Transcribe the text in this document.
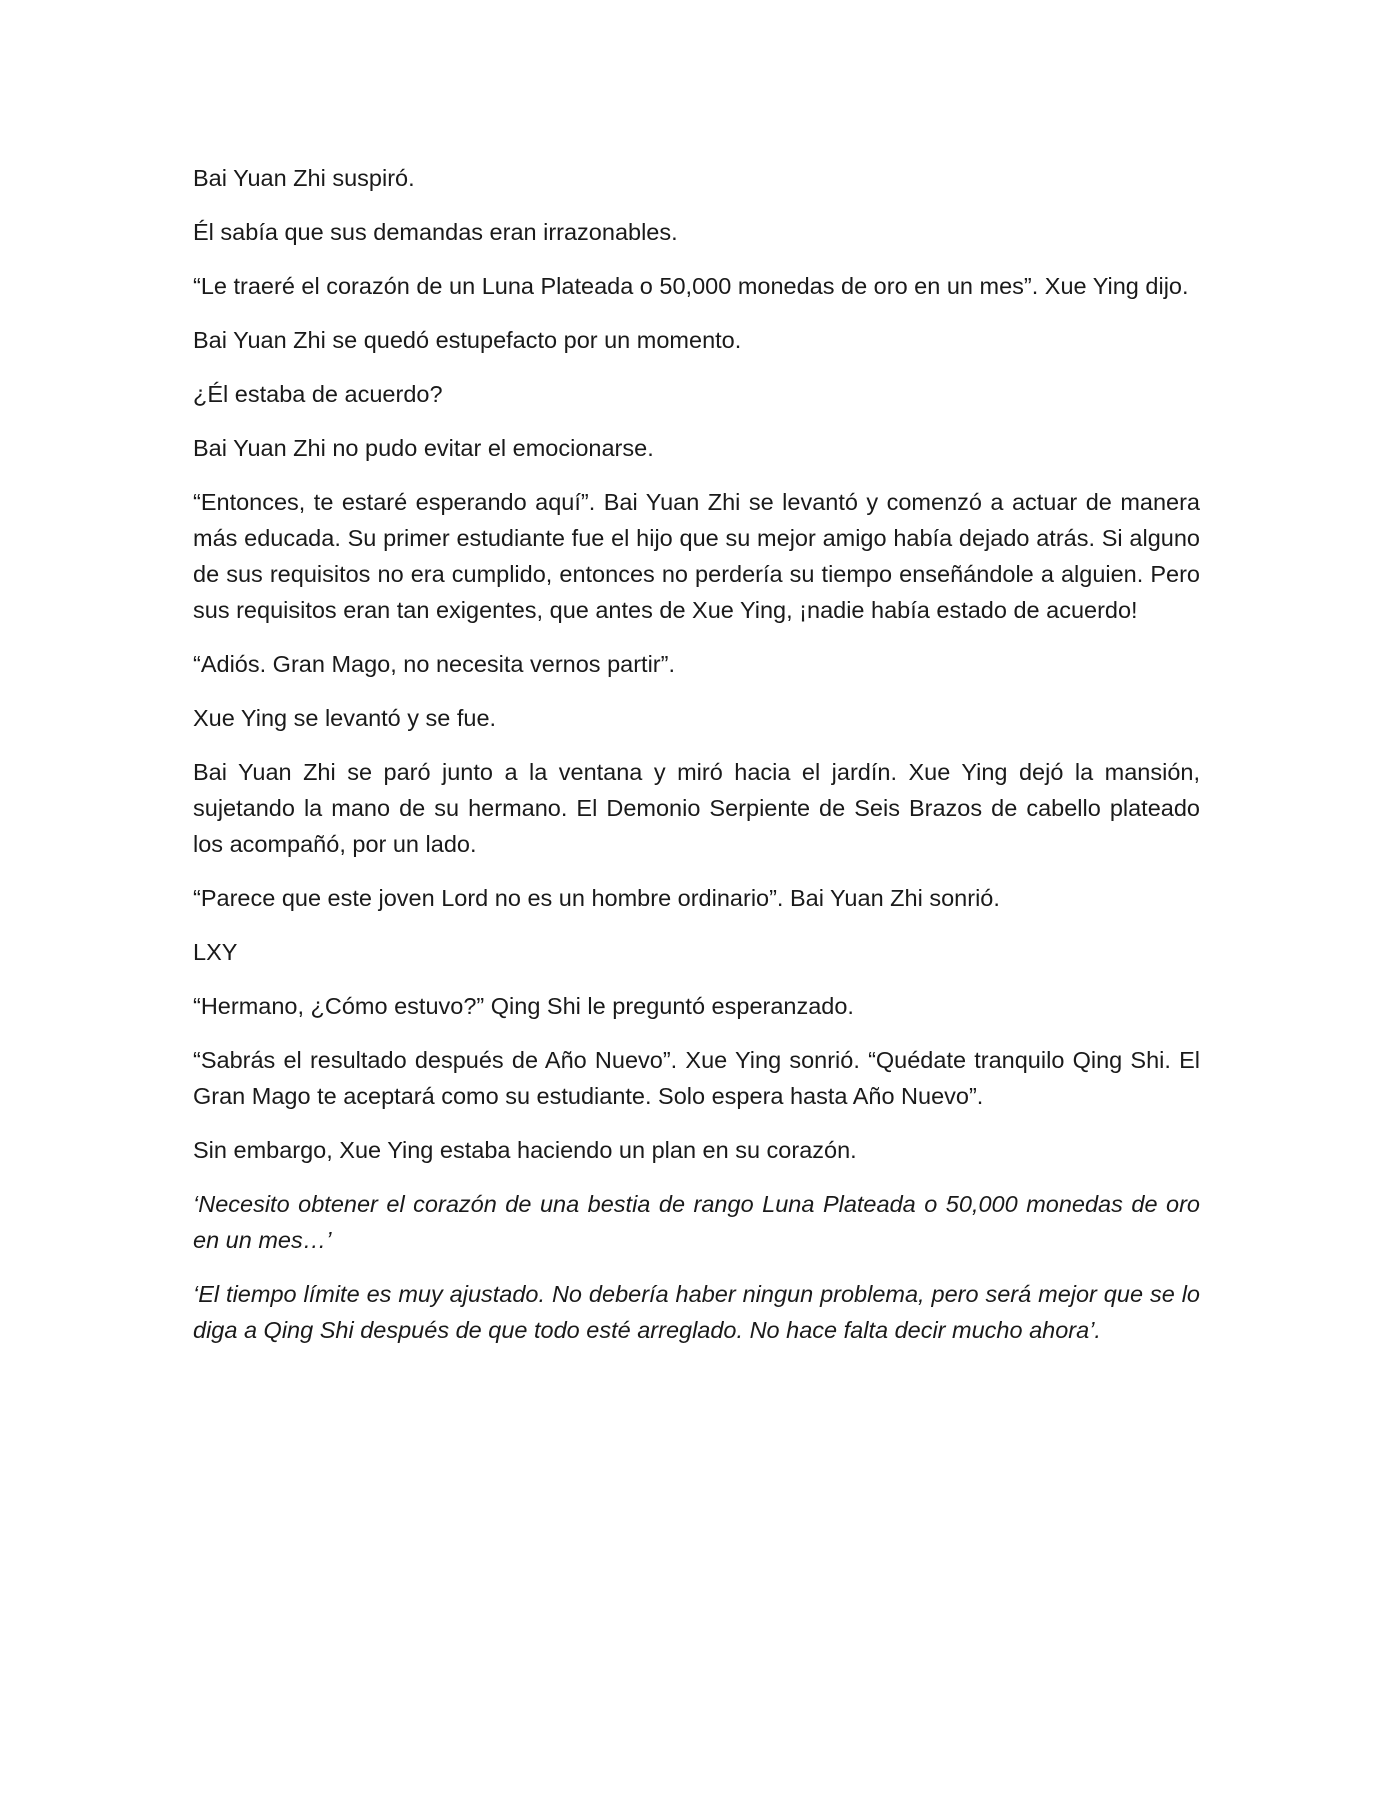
Bai Yuan Zhi suspiró.

Él sabía que sus demandas eran irrazonables.

“Le traeré el corazón de un Luna Plateada o 50,000 monedas de oro en un mes”. Xue Ying dijo.

Bai Yuan Zhi se quedó estupefacto por un momento.

¿Él estaba de acuerdo?

Bai Yuan Zhi no pudo evitar el emocionarse.

“Entonces, te estaré esperando aquí”. Bai Yuan Zhi se levantó y comenzó a actuar de manera más educada. Su primer estudiante fue el hijo que su mejor amigo había dejado atrás. Si alguno de sus requisitos no era cumplido, entonces no perdería su tiempo enseñándole a alguien. Pero sus requisitos eran tan exigentes, que antes de Xue Ying, ¡nadie había estado de acuerdo!

“Adiós. Gran Mago, no necesita vernos partir”.

Xue Ying se levantó y se fue.

Bai Yuan Zhi se paró junto a la ventana y miró hacia el jardín. Xue Ying dejó la mansión, sujetando la mano de su hermano. El Demonio Serpiente de Seis Brazos de cabello plateado los acompañó, por un lado.

“Parece que este joven Lord no es un hombre ordinario”. Bai Yuan Zhi sonrió.

LXY

“Hermano, ¿Cómo estuvo?” Qing Shi le preguntó esperanzado.

“Sabrás el resultado después de Año Nuevo”. Xue Ying sonrió. “Quédate tranquilo Qing Shi. El Gran Mago te aceptará como su estudiante. Solo espera hasta Año Nuevo”.

Sin embargo, Xue Ying estaba haciendo un plan en su corazón.

‘Necesito obtener el corazón de una bestia de rango Luna Plateada o 50,000 monedas de oro en un mes…’

‘El tiempo límite es muy ajustado. No debería haber ningun problema, pero será mejor que se lo diga a Qing Shi después de que todo esté arreglado. No hace falta decir mucho ahora’.
